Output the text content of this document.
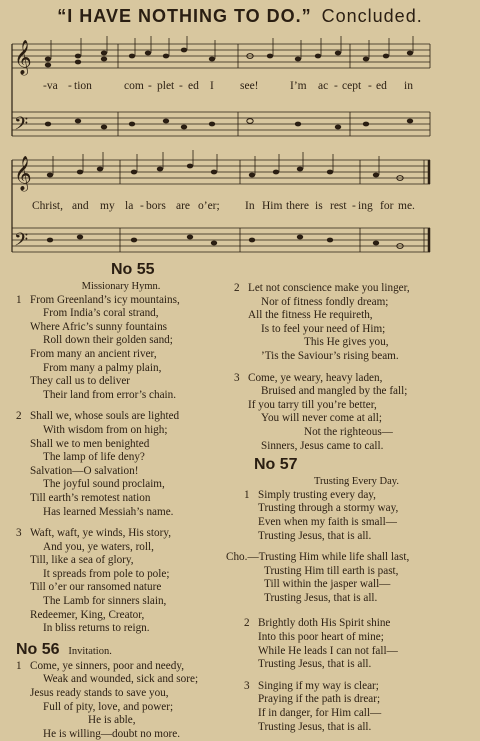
“I HAVE NOTHING TO DO.” Concluded.
𝄞
𝄢
-va - tion	com - plet - ed I see!	I’m ac - cept - ed in
𝄞
𝄢
Christ, and my la - bors are o’er; In Him there is rest - ing for me.
No 55
Missionary Hymn.
1 From Greenland’s icy mountains,
From India’s coral strand,
Where Afric’s sunny fountains
Roll down their golden sand;
From many an ancient river,
From many a palmy plain,
They call us to deliver
Their land from error’s chain.
2 Shall we, whose souls are lighted
With wisdom from on high;
Shall we to men benighted
The lamp of life deny?
Salvation—O salvation!
The joyful sound proclaim,
Till earth’s remotest nation
Has learned Messiah’s name.
3 Waft, waft, ye winds, His story,
And you, ye waters, roll,
Till, like a sea of glory,
It spreads from pole to pole;
Till o’er our ransomed nature
The Lamb for sinners slain,
Redeemer, King, Creator,
In bliss returns to reign.
No 56 Invitation.
1 Come, ye sinners, poor and needy,
Weak and wounded, sick and sore;
Jesus ready stands to save you,
Full of pity, love, and power;
He is able,
He is willing—doubt no more.
2 Let not conscience make you linger,
Nor of fitness fondly dream;
All the fitness He requireth,
Is to feel your need of Him;
This He gives you,
’Tis the Saviour’s rising beam.
3 Come, ye weary, heavy laden,
Bruised and mangled by the fall;
If you tarry till you’re better,
You will never come at all;
Not the righteous—
Sinners, Jesus came to call.
No 57
Trusting Every Day.
1 Simply trusting every day,
Trusting through a stormy way,
Even when my faith is small—
Trusting Jesus, that is all.
Cho.—Trusting Him while life shall last,
Trusting Him till earth is past,
Till within the jasper wall—
Trusting Jesus, that is all.
2 Brightly doth His Spirit shine
Into this poor heart of mine;
While He leads I can not fall—
Trusting Jesus, that is all.
3 Singing if my way is clear;
Praying if the path is drear;
If in danger, for Him call—
Trusting Jesus, that is all.
